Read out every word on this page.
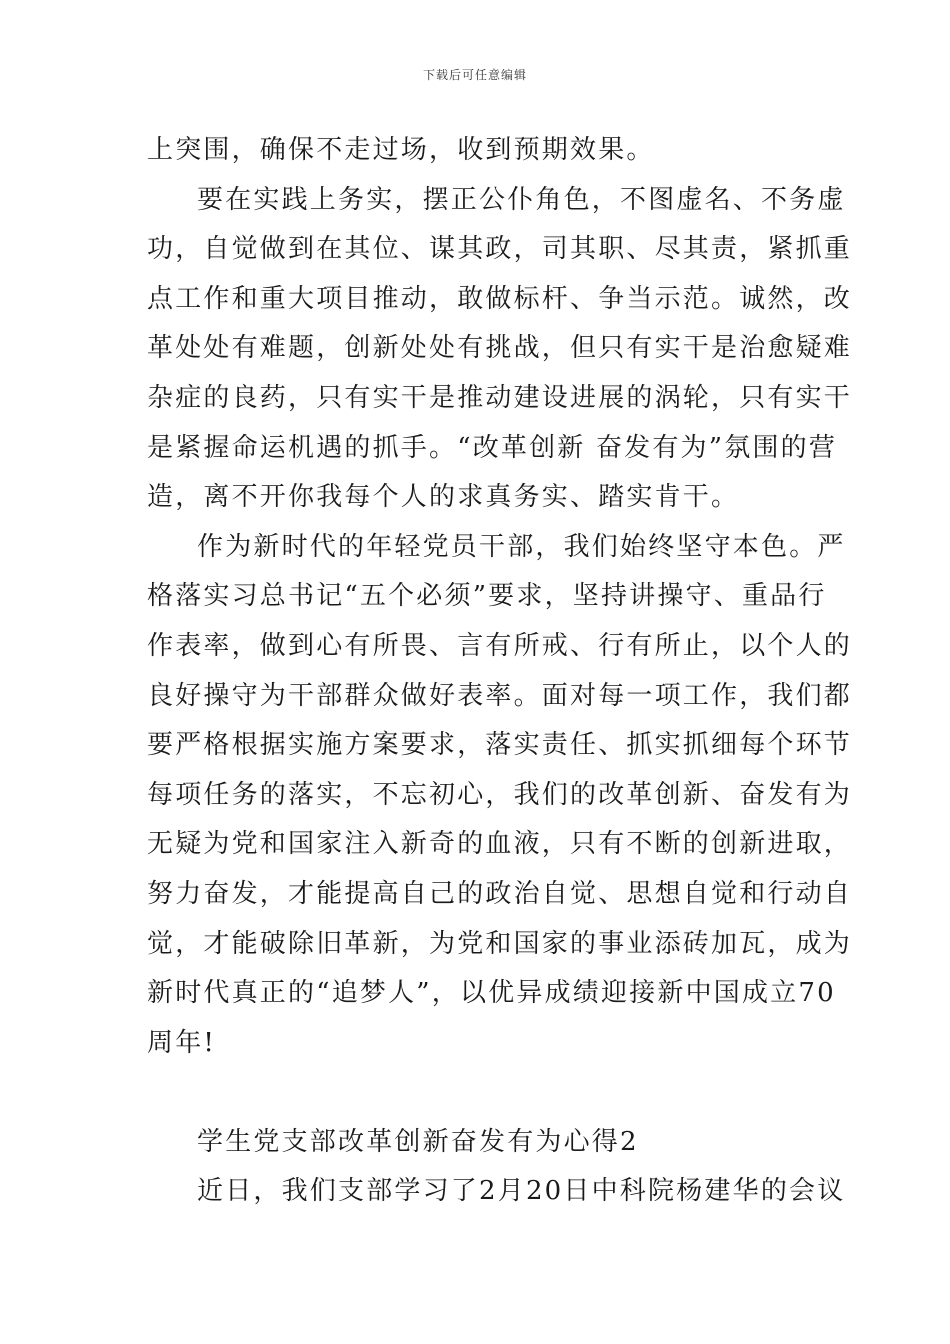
下载后可任意编辑
上突围，确保不走过场，收到预期效果。
要在实践上务实，摆正公仆角色，不图虚名、不务虚
功，自觉做到在其位、谋其政，司其职、尽其责，紧抓重
点工作和重大项目推动，敢做标杆、争当示范。诚然，改
革处处有难题，创新处处有挑战，但只有实干是治愈疑难
杂症的良药，只有实干是推动建设进展的涡轮，只有实干
是紧握命运机遇的抓手。“改革创新 奋发有为”氛围的营
造，离不开你我每个人的求真务实、踏实肯干。
作为新时代的年轻党员干部，我们始终坚守本色。严
格落实习总书记“五个必须”要求，坚持讲操守、重品行
作表率，做到心有所畏、言有所戒、行有所止，以个人的
良好操守为干部群众做好表率。面对每一项工作，我们都
要严格根据实施方案要求，落实责任、抓实抓细每个环节
每项任务的落实，不忘初心，我们的改革创新、奋发有为
无疑为党和国家注入新奇的血液，只有不断的创新进取，
努力奋发，才能提高自己的政治自觉、思想自觉和行动自
觉，才能破除旧革新，为党和国家的事业添砖加瓦，成为
新时代真正的“追梦人”，以优异成绩迎接新中国成立70
周年!
学生党支部改革创新奋发有为心得2
近日，我们支部学习了2月20日中科院杨建华的会议
